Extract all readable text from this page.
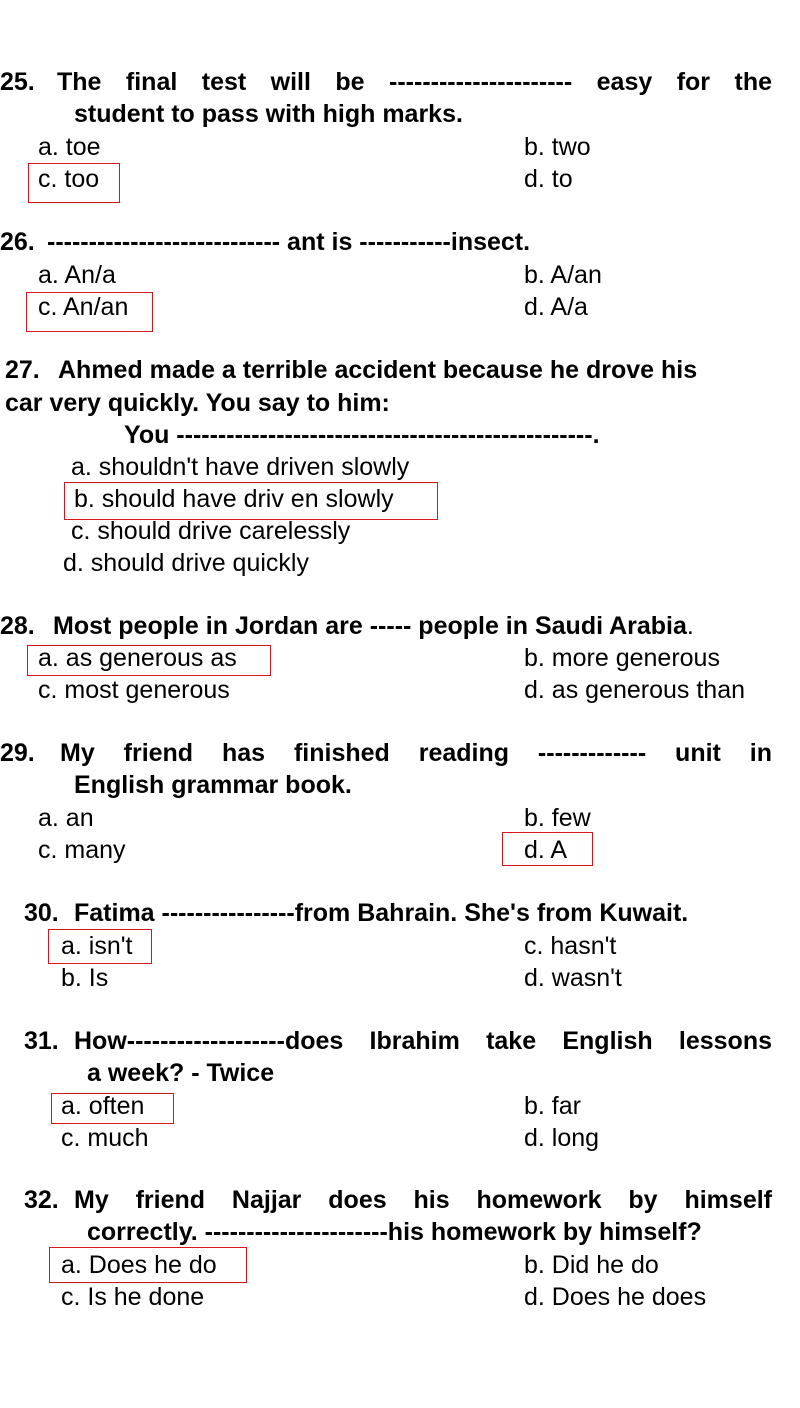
25. The final test will be ---------------------- easy for the
student to pass with high marks.
a. toe	b. two
c. too	d. to
26. ---------------------------- ant is -----------insect.
a. An/a	b. A/an
c. An/an	d. A/a
27. Ahmed made a terrible accident because he drove his
car very quickly. You say to him:
You --------------------------------------------------.
a. shouldn't have driven slowly
b. should have driv en slowly
c. should drive carelessly
d. should drive quickly
28. Most people in Jordan are ----- people in Saudi Arabia.
a. as generous as	b. more generous
c. most generous	d. as generous than
29. My friend has finished reading ------------- unit in
English grammar book.
a. an	b. few
c. many	d. A
30. Fatima ----------------from Bahrain. She's from Kuwait.
a. isn't	c. hasn't
b. Is	d. wasn't
31. How-------------------does Ibrahim take English lessons
a week? - Twice
a. often	b. far
c. much	d. long
32. My friend Najjar does his homework by himself
correctly. ----------------------his homework by himself?
a. Does he do	b. Did he do
c. Is he done	d. Does he does
